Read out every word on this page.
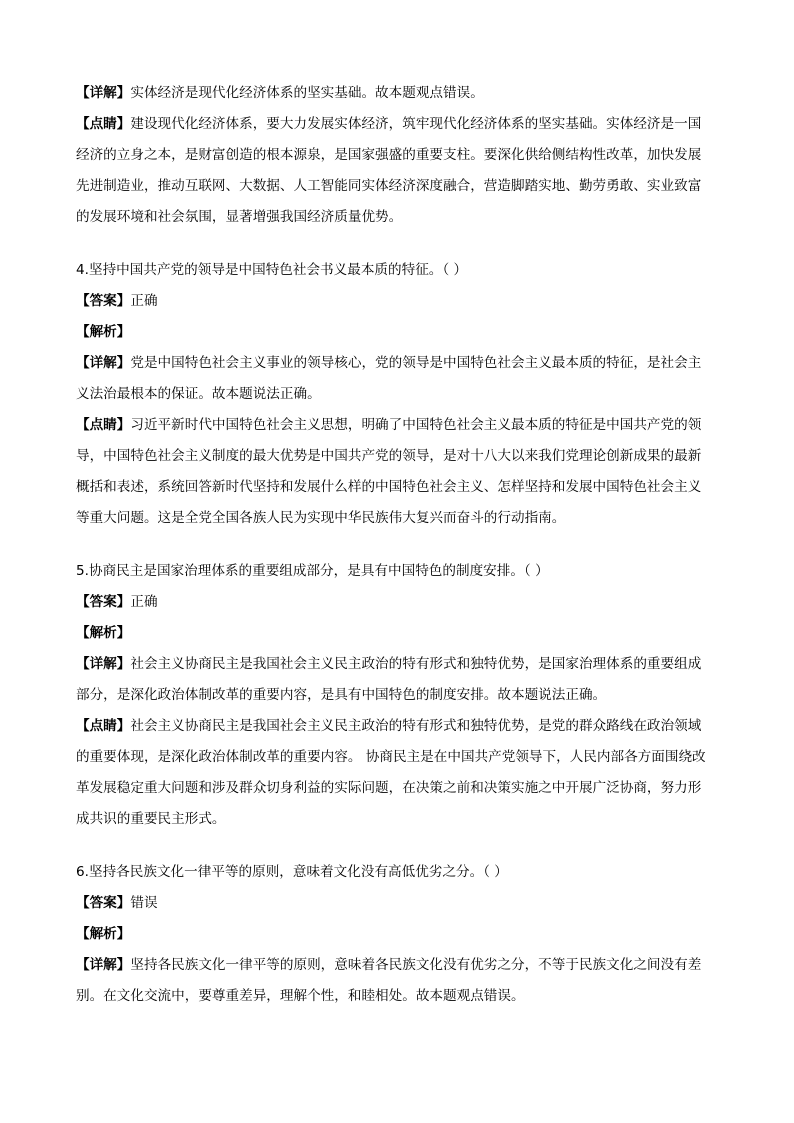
【详解】实体经济是现代化经济体系的坚实基础。故本题观点错误。

【点睛】建设现代化经济体系，要大力发展实体经济，筑牢现代化经济体系的坚实基础。实体经济是一国

经济的立身之本，是财富创造的根本源泉，是国家强盛的重要支柱。要深化供给侧结构性改革，加快发展

先进制造业，推动互联网、大数据、人工智能同实体经济深度融合，营造脚踏实地、勤劳勇敢、实业致富

的发展环境和社会氛围，显著增强我国经济质量优势。

4.坚持中国共产党的领导是中国特色社会书义最本质的特征。（ ）

【答案】正确

【解析】

【详解】党是中国特色社会主义事业的领导核心，党的领导是中国特色社会主义最本质的特征，是社会主

义法治最根本的保证。故本题说法正确。

【点睛】习近平新时代中国特色社会主义思想，明确了中国特色社会主义最本质的特征是中国共产党的领

导，中国特色社会主义制度的最大优势是中国共产党的领导，是对十八大以来我们党理论创新成果的最新

概括和表述，系统回答新时代坚持和发展什么样的中国特色社会主义、怎样坚持和发展中国特色社会主义

等重大问题。这是全党全国各族人民为实现中华民族伟大复兴而奋斗的行动指南。

5.协商民主是国家治理体系的重要组成部分，是具有中国特色的制度安排。（ ）

【答案】正确

【解析】

【详解】社会主义协商民主是我国社会主义民主政治的特有形式和独特优势，是国家治理体系的重要组成

部分，是深化政治体制改革的重要内容，是具有中国特色的制度安排。故本题说法正确。

【点睛】社会主义协商民主是我国社会主义民主政治的特有形式和独特优势，是党的群众路线在政治领域

的重要体现，是深化政治体制改革的重要内容。 协商民主是在中国共产党领导下，人民内部各方面围绕改

革发展稳定重大问题和涉及群众切身利益的实际问题，在决策之前和决策实施之中开展广泛协商，努力形

成共识的重要民主形式。

6.坚持各民族文化一律平等的原则，意味着文化没有高低优劣之分。（ ）

【答案】错误

【解析】

【详解】坚持各民族文化一律平等的原则，意味着各民族文化没有优劣之分，不等于民族文化之间没有差

别。在文化交流中，要尊重差异，理解个性，和睦相处。故本题观点错误。
